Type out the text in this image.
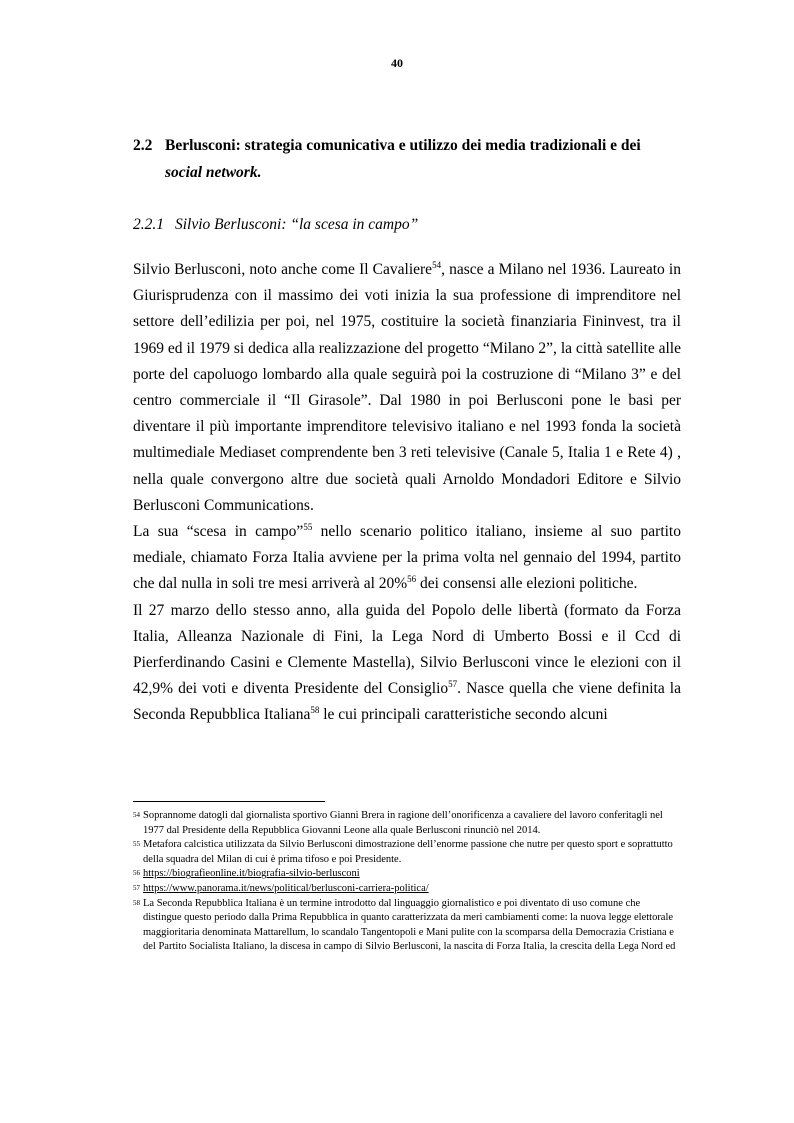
40
2.2 Berlusconi: strategia comunicativa e utilizzo dei media tradizionali e dei
social network.
2.2.1 Silvio Berlusconi: “la scesa in campo”

Silvio Berlusconi, noto anche come Il Cavaliere$^{54}$, nasce a Milano nel 1936. Laureato in Giurisprudenza con il massimo dei voti inizia la sua professione di imprenditore nel settore dell’edilizia per poi, nel 1975, costituire la società finanziaria Fininvest, tra il 1969 ed il 1979 si dedica alla realizzazione del progetto “Milano 2”, la città satellite alle porte del capoluogo lombardo alla quale seguirà poi la costruzione di “Milano 3” e del centro commerciale il “Il Girasole”. Dal 1980 in poi Berlusconi pone le basi per diventare il più importante imprenditore televisivo italiano e nel 1993 fonda la società multimediale Mediaset comprendente ben 3 reti televisive (Canale 5, Italia 1 e Rete 4) , nella quale convergono altre due società quali Arnoldo Mondadori Editore e Silvio Berlusconi Communications.

La sua “scesa in campo”$^{55}$ nello scenario politico italiano, insieme al suo partito mediale, chiamato Forza Italia avviene per la prima volta nel gennaio del 1994, partito che dal nulla in soli tre mesi arriverà al 20%$^{56}$ dei consensi alle elezioni politiche.

Il 27 marzo dello stesso anno, alla guida del Popolo delle libertà (formato da Forza Italia, Alleanza Nazionale di Fini, la Lega Nord di Umberto Bossi e il Ccd di Pierferdinando Casini e Clemente Mastella), Silvio Berlusconi vince le elezioni con il 42,9% dei voti e diventa Presidente del Consiglio$^{57}$. Nasce quella che viene definita la Seconda Repubblica Italiana$^{58}$ le cui principali caratteristiche secondo alcuni

54 Soprannome datogli dal giornalista sportivo Gianni Brera in ragione dell’onorificenza a cavaliere del lavoro conferitagli nel 1977 dal Presidente della Repubblica Giovanni Leone alla quale Berlusconi rinunciò nel 2014.
55 Metafora calcistica utilizzata da Silvio Berlusconi dimostrazione dell’enorme passione che nutre per questo sport e soprattutto della squadra del Milan di cui è prima tifoso e poi Presidente.
56 https://biografieonline.it/biografia-silvio-berlusconi
57 https://www.panorama.it/news/political/berlusconi-carriera-politica/
58 La Seconda Repubblica Italiana è un termine introdotto dal linguaggio giornalistico e poi diventato di uso comune che distingue questo periodo dalla Prima Repubblica in quanto caratterizzata da meri cambiamenti come: la nuova legge elettorale maggioritaria denominata Mattarellum, lo scandalo Tangentopoli e Mani pulite con la scomparsa della Democrazia Cristiana e del Partito Socialista Italiano, la discesa in campo di Silvio Berlusconi, la nascita di Forza Italia, la crescita della Lega Nord ed
